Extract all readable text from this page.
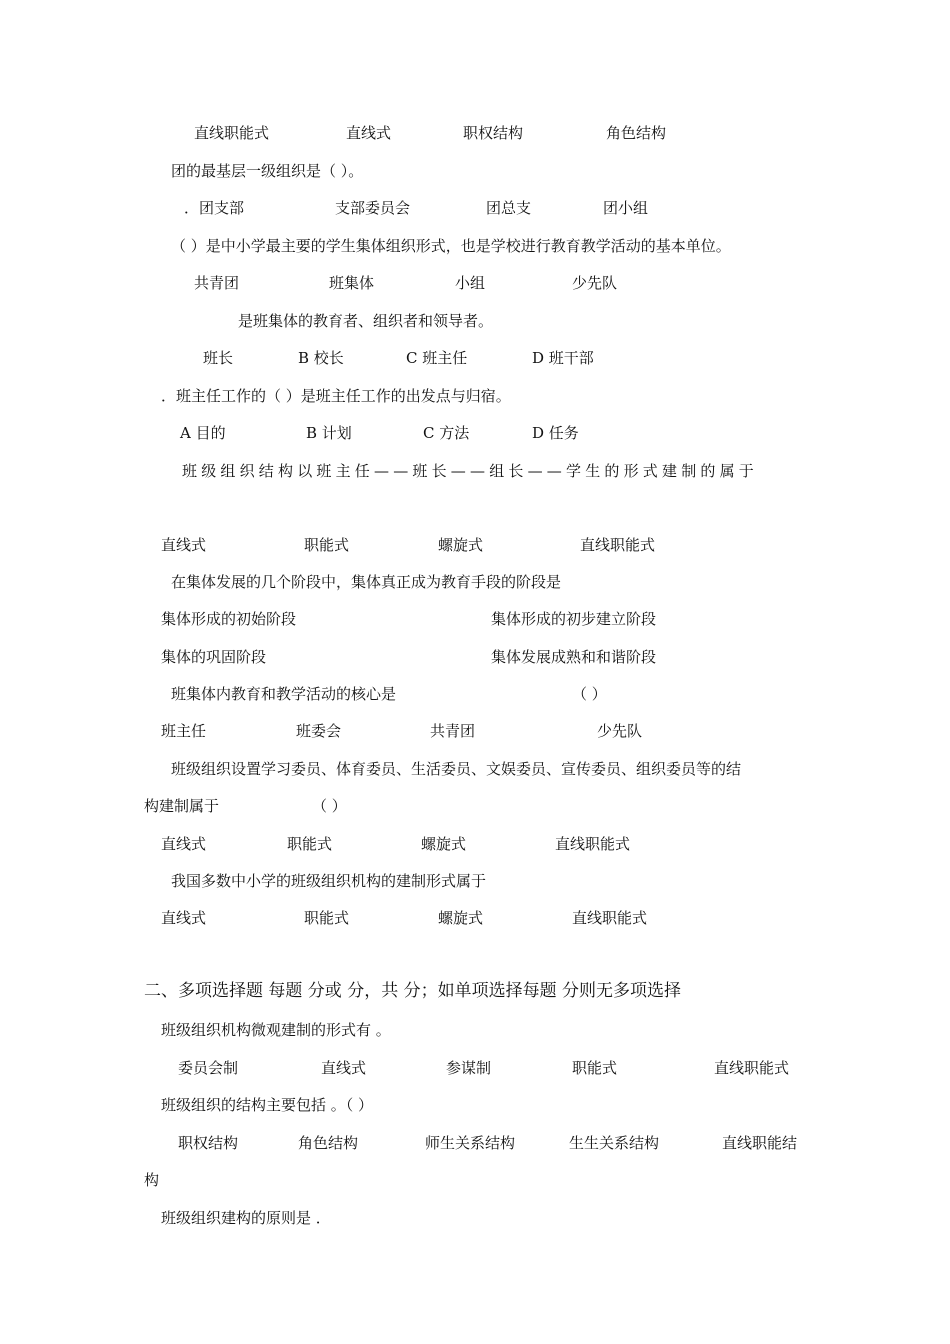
直线职能式	直线式	职权结构	角色结构
团的最基层一级组织是（ ）。
．团支部	支部委员会	团总支	团小组
（ ）是中小学最主要的学生集体组织形式，也是学校进行教育教学活动的基本单位。
共青团	班集体	小组	少先队
是班集体的教育者、组织者和领导者。
班长	B 校长	C 班主任	D 班干部
．班主任工作的（ ）是班主任工作的出发点与归宿。
A 目的	B 计划	C 方法	D 任务
班级组织结构以班主任——班长——组长——学生的形式建制的属于
直线式	职能式	螺旋式	直线职能式
在集体发展的几个阶段中，集体真正成为教育手段的阶段是
集体形成的初始阶段	集体形成的初步建立阶段
集体的巩固阶段	集体发展成熟和和谐阶段
班集体内教育和教学活动的核心是	（ ）
班主任	班委会	共青团	少先队
班级组织设置学习委员、体育委员、生活委员、文娱委员、宣传委员、组织委员等的结
构建制属于	（ ）
直线式	职能式	螺旋式	直线职能式
我国多数中小学的班级组织机构的建制形式属于
直线式	职能式	螺旋式	直线职能式
二、多项选择题 每题 分或 分，共 分；如单项选择每题 分则无多项选择
班级组织机构微观建制的形式有 。
委员会制	直线式	参谋制	职能式	直线职能式
班级组织的结构主要包括 。（ ）
职权结构	角色结构	师生关系结构	生生关系结构	直线职能结
构
班级组织建构的原则是 ．
